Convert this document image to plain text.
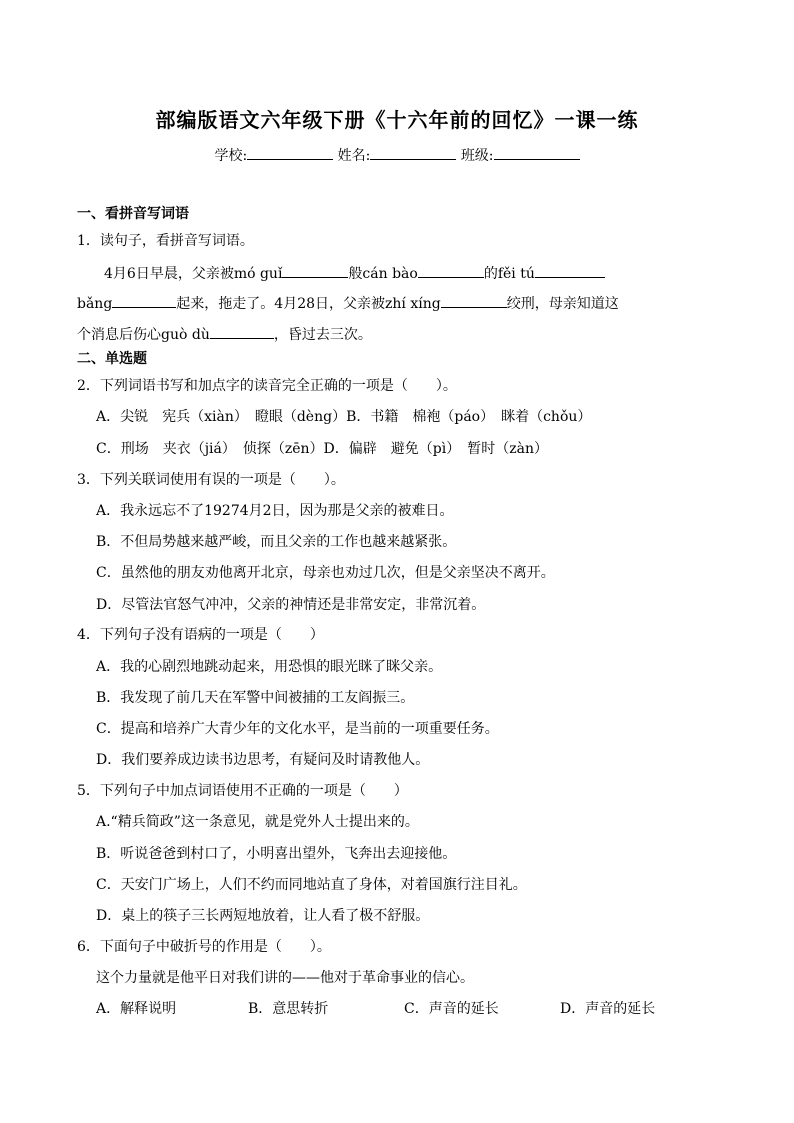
部编版语文六年级下册《十六年前的回忆》一课一练
学校:	姓名:	班级:
一、看拼音写词语
1．读句子，看拼音写词语。
4月6日早晨，父亲被mó guǐ	般cán bào	的fěi tú
bǎng	起来，拖走了。4月28日，父亲被zhí xíng	绞刑，母亲知道这
个消息后伤心guò dù	，昏过去三次。
二、单选题
2．下列词语书写和加点字的读音完全正确的一项是（　　）。
A．尖锐　宪兵（xiàn）　瞪眼（dèng）B．书籍　棉袍（páo）　眯着（chǒu）
C．刑场　夹衣（jiá）　侦探（zēn）D．偏辟　避免（pì）　暂时（zàn）
3．下列关联词使用有误的一项是（　　）。
A．我永远忘不了19274月2日，因为那是父亲的被难日。
B．不但局势越来越严峻，而且父亲的工作也越来越紧张。
C．虽然他的朋友劝他离开北京，母亲也劝过几次，但是父亲坚决不离开。
D．尽管法官怒气冲冲，父亲的神情还是非常安定，非常沉着。
4．下列句子没有语病的一项是（　　）
A．我的心剧烈地跳动起来，用恐惧的眼光眯了眯父亲。
B．我发现了前几天在军警中间被捕的工友阎振三。
C．提高和培养广大青少年的文化水平，是当前的一项重要任务。
D．我们要养成边读书边思考，有疑问及时请教他人。
5．下列句子中加点词语使用不正确的一项是（　　）
A.“精兵简政”这一条意见，就是党外人士提出来的。
B．听说爸爸到村口了，小明喜出望外，飞奔出去迎接他。
C．天安门广场上，人们不约而同地站直了身体，对着国旗行注目礼。
D．桌上的筷子三长两短地放着，让人看了极不舒服。
6．下面句子中破折号的作用是（　　）。
这个力量就是他平日对我们讲的——他对于革命事业的信心。
A．解释说明	B．意思转折	C．声音的延长	D．声音的延长
